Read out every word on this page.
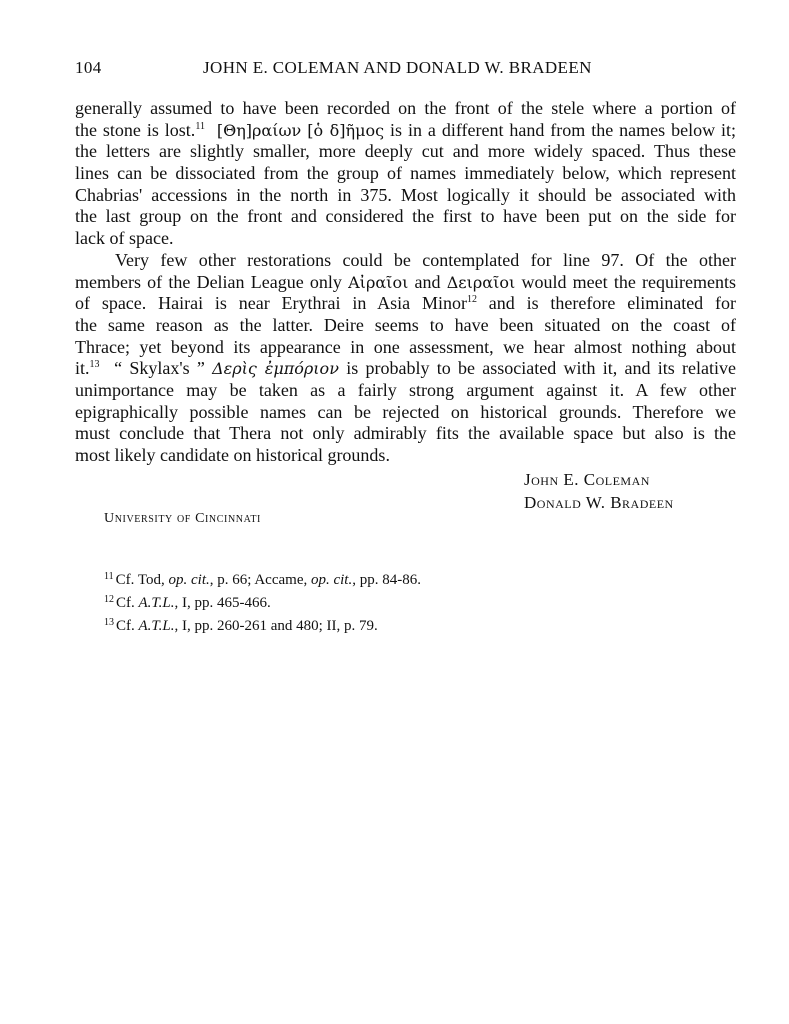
104	JOHN E. COLEMAN AND DONALD W. BRADEEN
generally assumed to have been recorded on the front of the stele where a portion of
the stone is lost.$^{11}$ [Θη]ραίων [ὁ δ]ῆμος is in a different hand from the names below it;
the letters are slightly smaller, more deeply cut and more widely spaced. Thus these
lines can be dissociated from the group of names immediately below, which represent
Chabrias' accessions in the north in 375. Most logically it should be associated with
the last group on the front and considered the first to have been put on the side for
lack of space.
Very few other restorations could be contemplated for line 97. Of the other
members of the Delian League only Αἰραῖοι and Δειραῖοι would meet the requirements
of space. Hairai is near Erythrai in Asia Minor$^{12}$ and is therefore eliminated for
the same reason as the latter. Deire seems to have been situated on the coast of
Thrace; yet beyond its appearance in one assessment, we hear almost nothing about
it.$^{13}$ “ Skylax's ” Δερὶς ἐμπόριον is probably to be associated with it, and its relative
unimportance may be taken as a fairly strong argument against it. A few other
epigraphically possible names can be rejected on historical grounds. Therefore we
must conclude that Thera not only admirably fits the available space but also is the
most likely candidate on historical grounds.
John E. Coleman
Donald W. Bradeen
University of Cincinnati
$^{11}$ Cf. Tod, op. cit., p. 66; Accame, op. cit., pp. 84-86.
$^{12}$ Cf. A.T.L., I, pp. 465-466.
$^{13}$ Cf. A.T.L., I, pp. 260-261 and 480; II, p. 79.
